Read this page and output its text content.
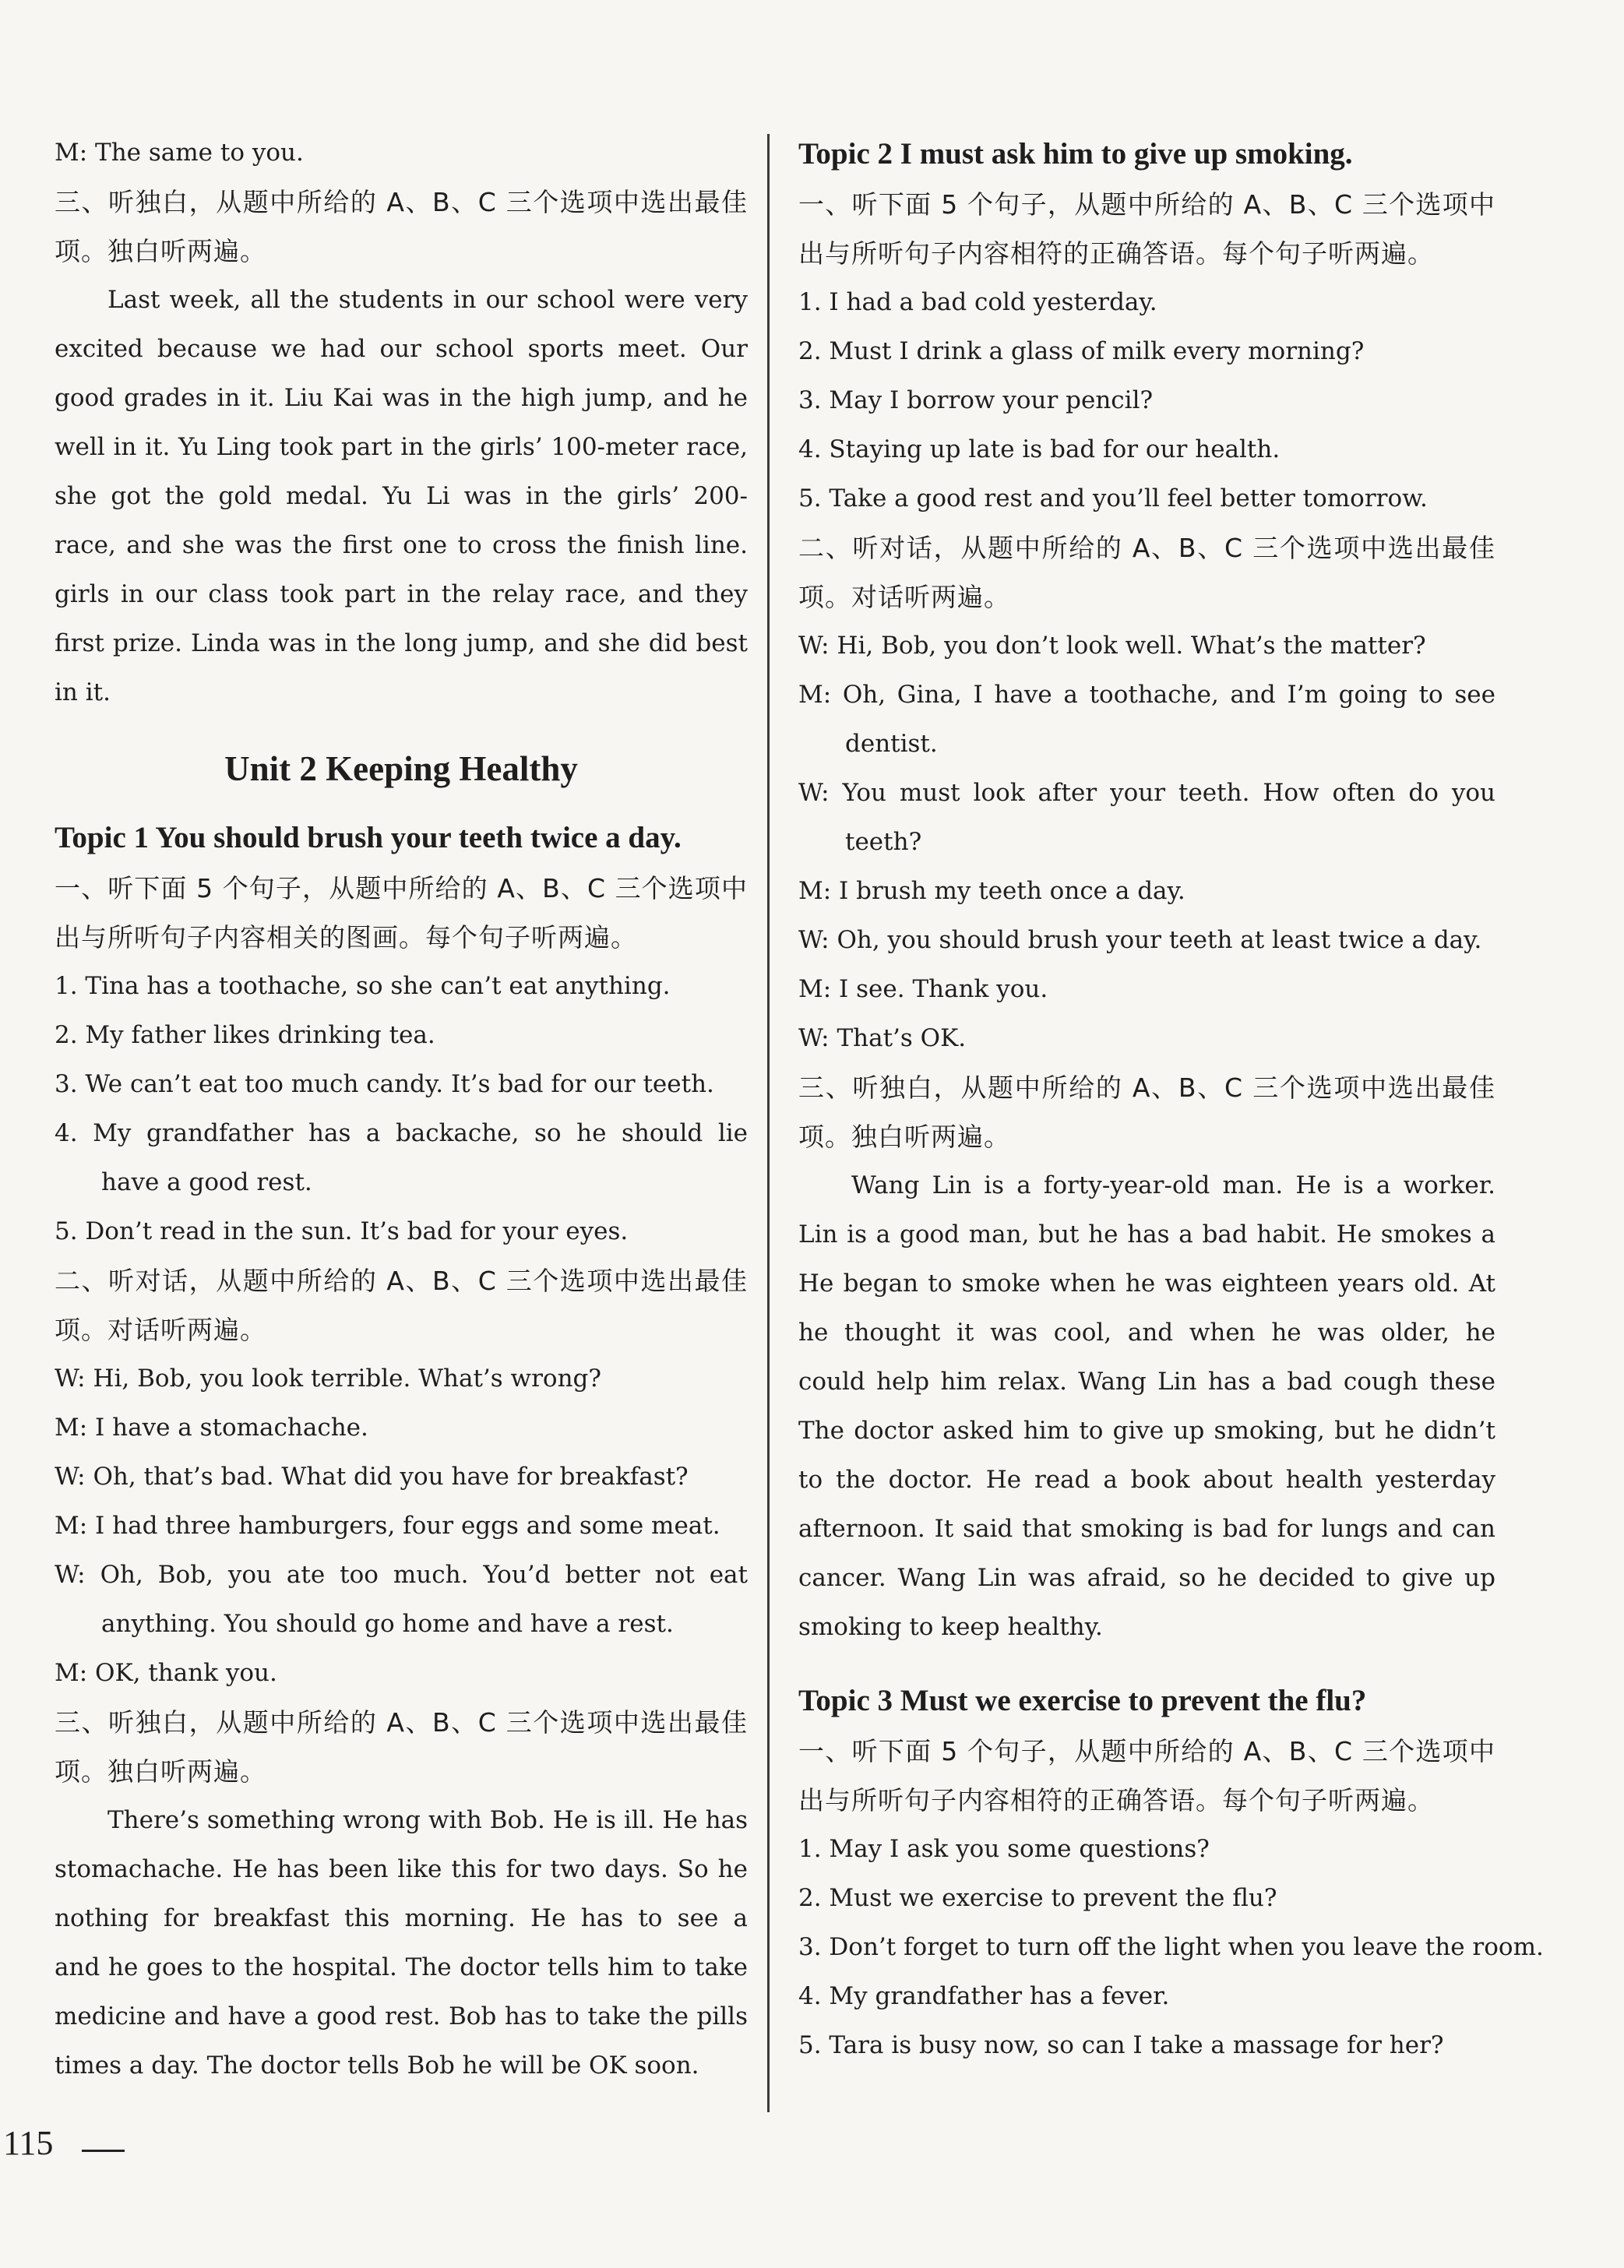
M: The same to you.

三、听独白，从题中所给的 A、B、C 三个选项中选出最佳

项。独白听两遍。

Last week, all the students in our school were very

excited because we had our school sports meet. Our

good grades in it. Liu Kai was in the high jump, and he

well in it. Yu Ling took part in the girls’ 100-meter race,

she got the gold medal. Yu Li was in the girls’ 200-

race, and she was the first one to cross the finish line.

girls in our class took part in the relay race, and they

first prize. Linda was in the long jump, and she did best

in it.

Unit 2 Keeping Healthy
Topic 1 You should brush your teeth twice a day.

一、听下面 5 个句子，从题中所给的 A、B、C 三个选项中

出与所听句子内容相关的图画。每个句子听两遍。

1. Tina has a toothache, so she can’t eat anything.

2. My father likes drinking tea.

3. We can’t eat too much candy. It’s bad for our teeth.

4. My grandfather has a backache, so he should lie

have a good rest.

5. Don’t read in the sun. It’s bad for your eyes.

二、听对话，从题中所给的 A、B、C 三个选项中选出最佳

项。对话听两遍。

W: Hi, Bob, you look terrible. What’s wrong?

M: I have a stomachache.

W: Oh, that’s bad. What did you have for breakfast?

M: I had three hamburgers, four eggs and some meat.

W: Oh, Bob, you ate too much. You’d better not eat

anything. You should go home and have a rest.

M: OK, thank you.

三、听独白，从题中所给的 A、B、C 三个选项中选出最佳

项。独白听两遍。

There’s something wrong with Bob. He is ill. He has

stomachache. He has been like this for two days. So he

nothing for breakfast this morning. He has to see a

and he goes to the hospital. The doctor tells him to take

medicine and have a good rest. Bob has to take the pills

times a day. The doctor tells Bob he will be OK soon.

Topic 2 I must ask him to give up smoking.

一、听下面 5 个句子，从题中所给的 A、B、C 三个选项中

出与所听句子内容相符的正确答语。每个句子听两遍。

1. I had a bad cold yesterday.

2. Must I drink a glass of milk every morning?

3. May I borrow your pencil?

4. Staying up late is bad for our health.

5. Take a good rest and you’ll feel better tomorrow.

二、听对话，从题中所给的 A、B、C 三个选项中选出最佳

项。对话听两遍。

W: Hi, Bob, you don’t look well. What’s the matter?

M: Oh, Gina, I have a toothache, and I’m going to see

dentist.

W: You must look after your teeth. How often do you

teeth?

M: I brush my teeth once a day.

W: Oh, you should brush your teeth at least twice a day.

M: I see. Thank you.

W: That’s OK.

三、听独白，从题中所给的 A、B、C 三个选项中选出最佳

项。独白听两遍。

Wang Lin is a forty-year-old man. He is a worker.

Lin is a good man, but he has a bad habit. He smokes a

He began to smoke when he was eighteen years old. At

he thought it was cool, and when he was older, he

could help him relax. Wang Lin has a bad cough these

The doctor asked him to give up smoking, but he didn’t

to the doctor. He read a book about health yesterday

afternoon. It said that smoking is bad for lungs and can

cancer. Wang Lin was afraid, so he decided to give up

smoking to keep healthy.

Topic 3 Must we exercise to prevent the flu?

一、听下面 5 个句子，从题中所给的 A、B、C 三个选项中

出与所听句子内容相符的正确答语。每个句子听两遍。

1. May I ask you some questions?

2. Must we exercise to prevent the flu?

3. Don’t forget to turn off the light when you leave the room.

4. My grandfather has a fever.

5. Tara is busy now, so can I take a massage for her?

115
